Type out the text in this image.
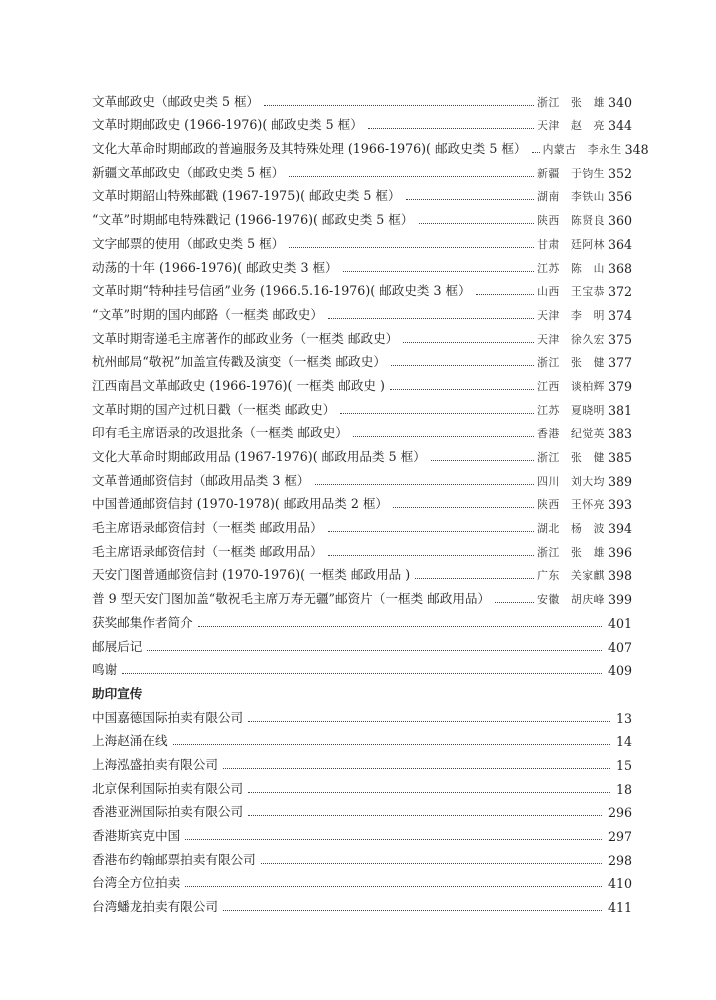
文革邮政史（邮政史类 5 框）	浙江　张　雄 340
文革时期邮政史 (1966-1976)( 邮政史类 5 框）	天津　赵　亮 344
文化大革命时期邮政的普遍服务及其特殊处理 (1966-1976)( 邮政史类 5 框） 内蒙古　李永生 348
新疆文革邮政史（邮政史类 5 框）	新疆　于钧生 352
文革时期韶山特殊邮戳 (1967-1975)( 邮政史类 5 框）	湖南　李铁山 356
“文革”时期邮电特殊戳记 (1966-1976)( 邮政史类 5 框）	陕西　陈贤良 360
文字邮票的使用（邮政史类 5 框）	甘肃　廷阿林 364
动荡的十年 (1966-1976)( 邮政史类 3 框）	江苏　陈　山 368
文革时期“特种挂号信函”业务 (1966.5.16-1976)( 邮政史类 3 框）	山西　王宝恭 372
“文革”时期的国内邮路（一框类 邮政史）	天津　李　明 374
文革时期寄递毛主席著作的邮政业务（一框类 邮政史）	天津　徐久宏 375
杭州邮局“敬祝”加盖宣传戳及演变（一框类 邮政史）	浙江　张　健 377
江西南昌文革邮政史 (1966-1976)( 一框类 邮政史 )	江西　谈柏辉 379
文革时期的国产过机日戳（一框类 邮政史）	江苏　夏晓明 381
印有毛主席语录的改退批条（一框类 邮政史）	香港　纪觉英 383
文化大革命时期邮政用品 (1967-1976)( 邮政用品类 5 框）	浙江　张　健 385
文革普通邮资信封（邮政用品类 3 框）	四川　刘大均 389
中国普通邮资信封 (1970-1978)( 邮政用品类 2 框）	陕西　王怀亮 393
毛主席语录邮资信封（一框类 邮政用品）	湖北　杨　波 394
毛主席语录邮资信封（一框类 邮政用品）	浙江　张　雄 396
天安门图普通邮资信封 (1970-1976)( 一框类 邮政用品 )	广东　关家麒 398
普 9 型天安门图加盖“敬祝毛主席万寿无疆”邮资片（一框类 邮政用品）	安徽　胡庆峰 399
获奖邮集作者简介	401
邮展后记	407
鸣谢	409
助印宣传
中国嘉德国际拍卖有限公司	13
上海赵涌在线	14
上海泓盛拍卖有限公司	15
北京保利国际拍卖有限公司	18
香港亚洲国际拍卖有限公司	296
香港斯宾克中国	297
香港布约翰邮票拍卖有限公司	298
台湾全方位拍卖	410
台湾蟠龙拍卖有限公司	411
